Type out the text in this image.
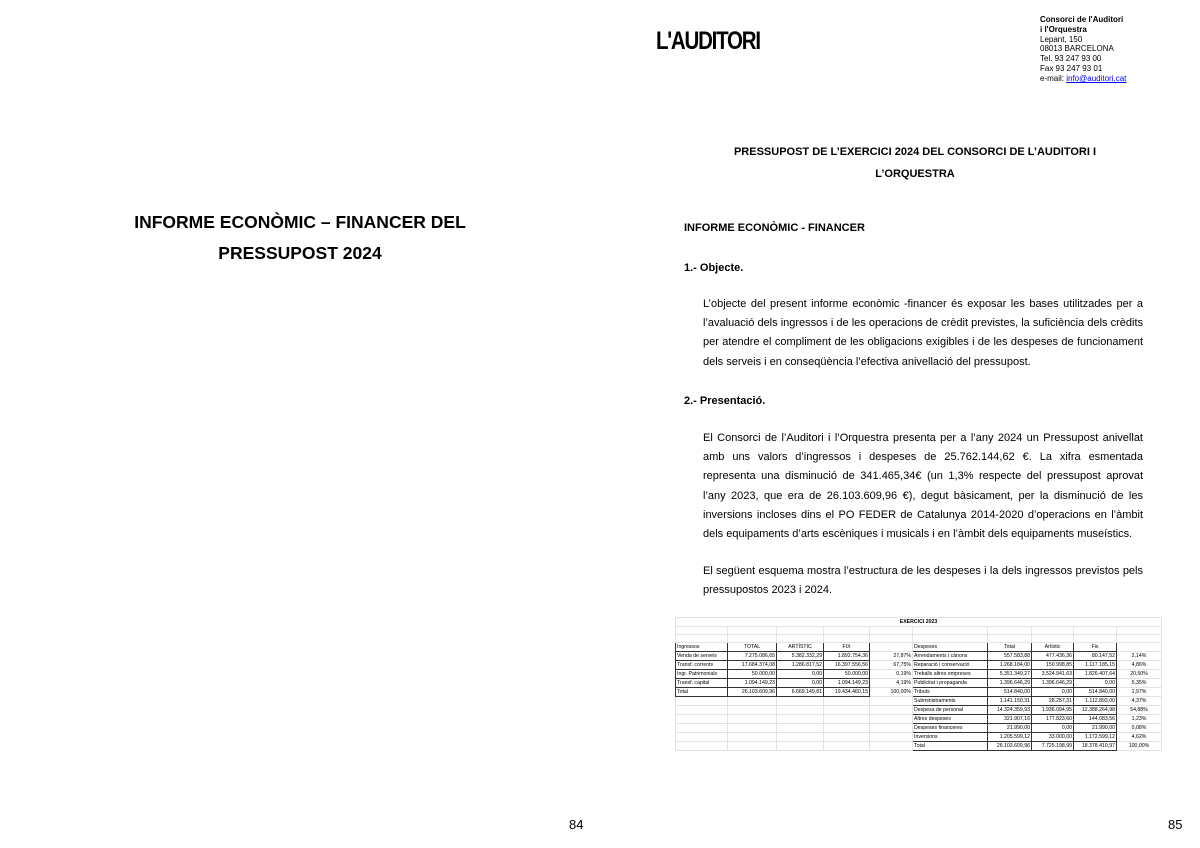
INFORME ECONÒMIC – FINANCER DEL
PRESSUPOST 2024
84
L'AUDITORI
Consorci de l'Auditori
i l'Orquestra
Lepant, 150
08013 BARCELONA
Tel. 93 247 93 00
Fax 93 247 93 01
e-mail: info@auditori.cat
PRESSUPOST DE L’EXERCICI 2024 DEL CONSORCI DE L’AUDITORI I
L’ORQUESTRA
INFORME ECONÒMIC - FINANCER
1.- Objecte.
L’objecte del present informe econòmic -financer és exposar les bases utilitzades per a l’avaluació dels ingressos i de les operacions de crèdit previstes, la suficiència dels crèdits per atendre el compliment de les obligacions exigibles i de les despeses de funcionament dels serveis i en conseqüència l’efectiva anivellació del pressupost.
2.- Presentació.
El Consorci de l’Auditori i l’Orquestra presenta per a l’any 2024 un Pressupost anivellat amb uns valors d’ingressos i despeses de 25.762.144,62 €. La xifra esmentada representa una disminució de 341.465,34€ (un 1,3% respecte del pressupost aprovat l’any 2023, que era de 26.103.609,96 €), degut bàsicament, per la disminució de les inversions incloses dins el PO FEDER de Catalunya 2014-2020 d’operacions en l’àmbit dels equipaments d’arts escèniques i musicals i en l’àmbit dels equipaments museístics.
El següent esquema mostra l’estructura de les despeses i la dels ingressos previstos pels pressupostos 2023 i 2024.
EXERCICI 2023									

Ingressos	TOTAL	ARTÍSTIC	FIX		Despeses	Total	Artístic	Fix	
Venda de serveis	7.275.086,65	5.382.332,29	1.892.754,36	27,87%	Arrendaments i cànons	557.583,88	477.436,36	80.147,52	2,14%
Transf. corrents	17.684.374,08	1.286.817,52	16.397.556,56	67,75%	Reparació i conservació	1.268.184,00	150.998,85	1.117.185,15	4,86%
Ingr. Patrimonials	50.000,00	0,00	50.000,00	0,19%	Treballs altres empreses	5.351.349,27	3.524.941,63	1.826.407,64	20,50%
Transf. capital	1.094.149,23	0,00	1.094.149,23	4,19%	Publicitat i propaganda	1.396.646,29	1.396.646,29	0,00	5,35%
Total	26.103.609,96	6.669.149,81	19.434.460,15	100,00%	Tributs	514.840,00	0,00	514.840,00	1,97%
					Subministraments	1.141.150,31	28.257,31	1.112.893,00	4,37%
					Despesa de personal	14.324.359,93	1.936.094,95	12.388.264,98	54,88%
					Altres despeses	321.907,16	177.823,60	144.083,56	1,23%
					Despeses financeres	21.990,00	0,00	21.990,00	0,08%
					Inversions	1.205.599,12	33.000,00	1.172.599,12	4,62%
					Total	26.103.609,96	7.725.198,99	18.378.410,97	100,00%
85
